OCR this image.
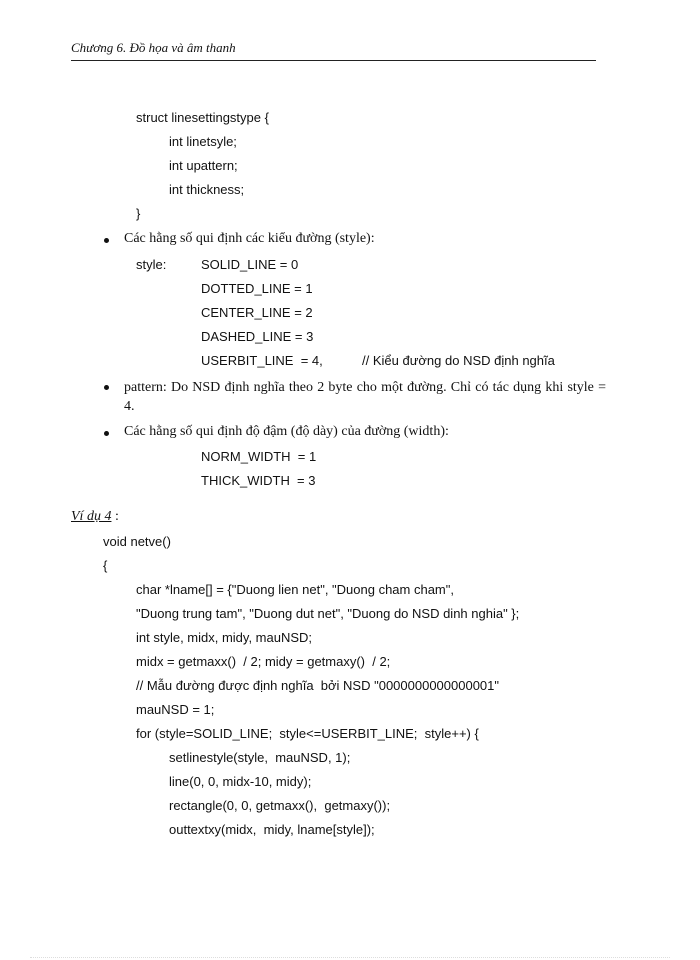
Chương 6. Đồ họa và âm thanh
struct linesettingstype {
int linetsyle;
int upattern;
int thickness;
}
Các hằng số qui định các kiểu đường (style):
style:	SOLID_LINE = 0
DOTTED_LINE = 1
CENTER_LINE = 2
DASHED_LINE = 3
USERBIT_LINE  = 4,	// Kiểu đường do NSD định nghĩa
pattern: Do NSD định nghĩa theo 2 byte cho một đường. Chỉ có tác dụng khi style = 4.
Các hằng số qui định độ đậm (độ dày) của đường (width):
NORM_WIDTH  = 1
THICK_WIDTH  = 3
Ví dụ 4 :
void netve()
{
char *lname[] = {"Duong lien net", "Duong cham cham",
"Duong trung tam", "Duong dut net", "Duong do NSD dinh nghia" };
int style, midx, midy, mauNSD;
midx = getmaxx()  / 2; midy = getmaxy()  / 2;
// Mẫu đường được định nghĩa  bởi NSD "0000000000000001"
mauNSD = 1;
for (style=SOLID_LINE;  style<=USERBIT_LINE;  style++) {
setlinestyle(style,  mauNSD, 1);
line(0, 0, midx-10, midy);
rectangle(0, 0, getmaxx(),  getmaxy());
outtextxy(midx,  midy, lname[style]);
